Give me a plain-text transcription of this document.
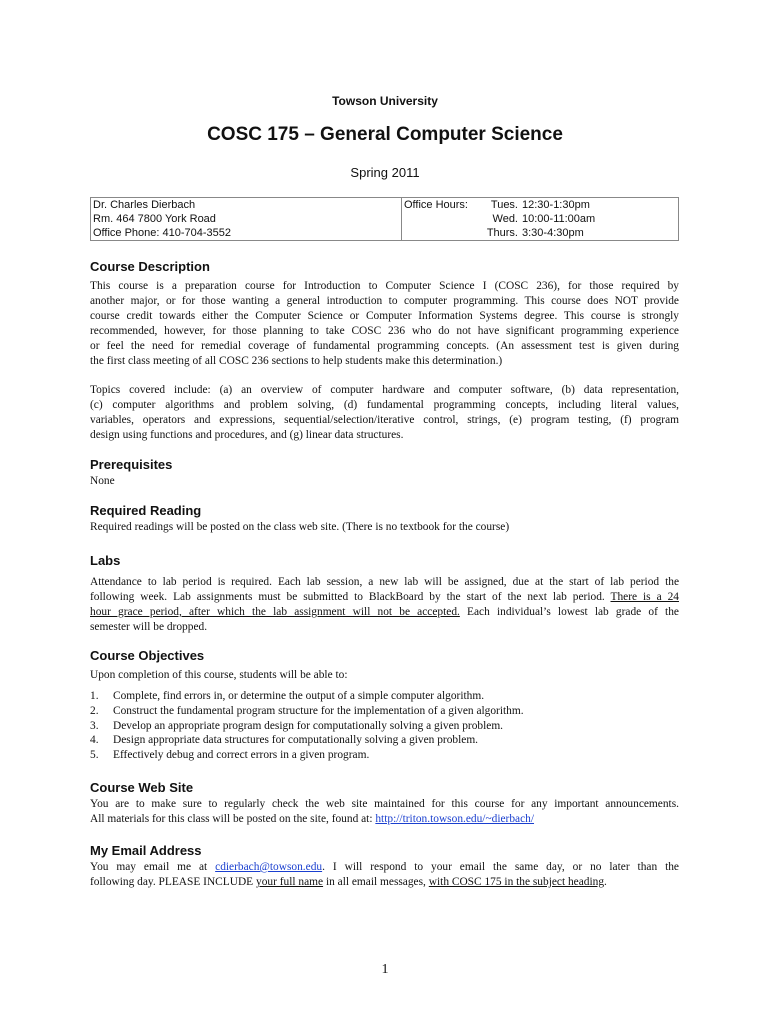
Towson University
COSC 175 – General Computer Science
Spring 2011
Dr. Charles Dierbach
Rm. 464 7800 York Road
Office Phone: 410-704-3552
Office Hours:	Tues. 12:30-1:30pm
Wed. 10:00-11:00am
Thurs. 3:30-4:30pm
Course Description
This course is a preparation course for Introduction to Computer Science I (COSC 236), for those required by
another major, or for those wanting a general introduction to computer programming. This course does NOT provide
course credit towards either the Computer Science or Computer Information Systems degree. This course is strongly
recommended, however, for those planning to take COSC 236 who do not have significant programming experience
or feel the need for remedial coverage of fundamental programming concepts. (An assessment test is given during
the first class meeting of all COSC 236 sections to help students make this determination.)
Topics covered include: (a) an overview of computer hardware and computer software, (b) data representation,
(c) computer algorithms and problem solving, (d) fundamental programming concepts, including literal values,
variables, operators and expressions, sequential/selection/iterative control, strings, (e) program testing, (f) program
design using functions and procedures, and (g) linear data structures.
Prerequisites
None
Required Reading
Required readings will be posted on the class web site. (There is no textbook for the course)
Labs
Attendance to lab period is required. Each lab session, a new lab will be assigned, due at the start of lab period the
following week. Lab assignments must be submitted to BlackBoard by the start of the next lab period. There is a 24
hour grace period, after which the lab assignment will not be accepted. Each individual’s lowest lab grade of the
semester will be dropped.
Course Objectives
Upon completion of this course, students will be able to:
1.	Complete, find errors in, or determine the output of a simple computer algorithm.
2.	Construct the fundamental program structure for the implementation of a given algorithm.
3.	Develop an appropriate program design for computationally solving a given problem.
4.	Design appropriate data structures for computationally solving a given problem.
5.	Effectively debug and correct errors in a given program.
Course Web Site
You are to make sure to regularly check the web site maintained for this course for any important announcements.
All materials for this class will be posted on the site, found at: http://triton.towson.edu/~dierbach/
My Email Address
You may email me at cdierbach@towson.edu. I will respond to your email the same day, or no later than the
following day. PLEASE INCLUDE your full name in all email messages, with COSC 175 in the subject heading.
1
